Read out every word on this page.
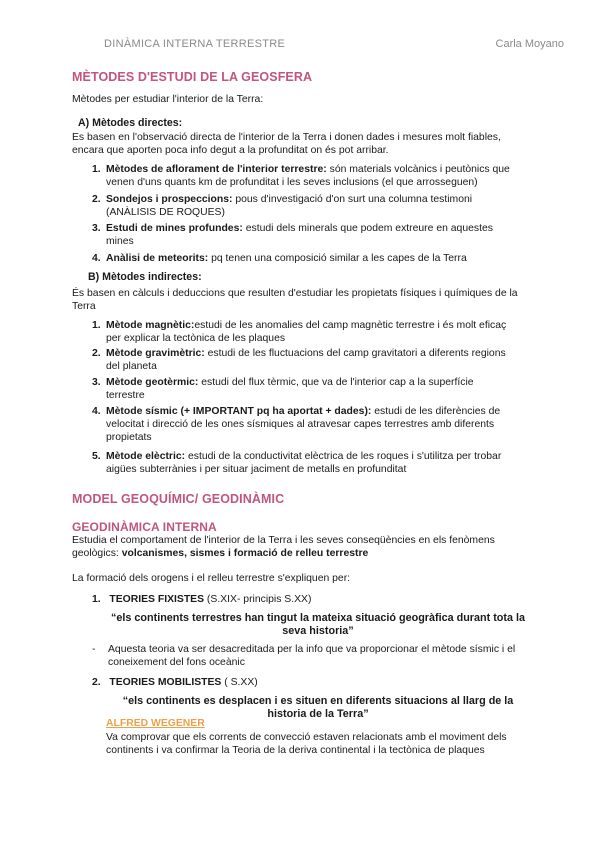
DINÀMICA INTERNA TERRESTRE	Carla Moyano
MÈTODES D'ESTUDI DE LA GEOSFERA
Mètodes per estudiar l'interior de la Terra:
A) Mètodes directes:
Es basen en l'observació directa de l'interior de la Terra i donen dades i mesures molt fiables, encara que aporten poca info degut a la profunditat on és pot arribar.
1. Mètodes de aflorament de l'interior terrestre: són materials volcànics i peutònics que venen d'uns quants km de profunditat i les seves inclusions (el que arrosseguen)
2. Sondejos i prospeccions: pous d'investigació d'on surt una columna testimoni (ANÀLISIS DE ROQUES)
3. Estudi de mines profundes: estudi dels minerals que podem extreure en aquestes mines
4. Anàlisi de meteorits: pq tenen una composició similar a les capes de la Terra
B) Mètodes indirectes:
És basen en càlculs i deduccions que resulten d'estudiar les propietats físiques i químiques de la Terra
1. Mètode magnètic:estudi de les anomalies del camp magnètic terrestre i és molt eficaç per explicar la tectònica de les plaques
2. Mètode gravimètric: estudi de les fluctuacions del camp gravitatori a diferents regions del planeta
3. Mètode geotèrmic: estudi del flux tèrmic, que va de l'interior cap a la superfície terrestre
4. Mètode sísmic (+ IMPORTANT pq ha aportat + dades): estudi de les diferències de velocitat i direcció de les ones sísmiques al atravesar capes terrestres amb diferents propietats
5. Mètode elèctric: estudi de la conductivitat elèctrica de les roques i s'utilitza per trobar aigües subterrànies i per situar jaciment de metalls en profunditat
MODEL GEOQUÍMIC/ GEODINÀMIC
GEODINÀMICA INTERNA
Estudia el comportament de l'interior de la Terra i les seves conseqüències en els fenòmens geològics: volcanismes, sismes i formació de relleu terrestre
La formació dels orogens i el relleu terrestre s'expliquen per:
1. TEORIES FIXISTES (S.XIX- principis S.XX)
“els continents terrestres han tingut la mateixa situació geogràfica durant tota la seva historia”
- Aquesta teoria va ser desacreditada per la info que va proporcionar el mètode sísmic i el coneixement del fons oceànic
2. TEORIES MOBILISTES ( S.XX)
“els continents es desplacen i es situen en diferents situacions al llarg de la historia de la Terra”
ALFRED WEGENER
Va comprovar que els corrents de convecció estaven relacionats amb el moviment dels continents i va confirmar la Teoria de la deriva continental i la tectònica de plaques
